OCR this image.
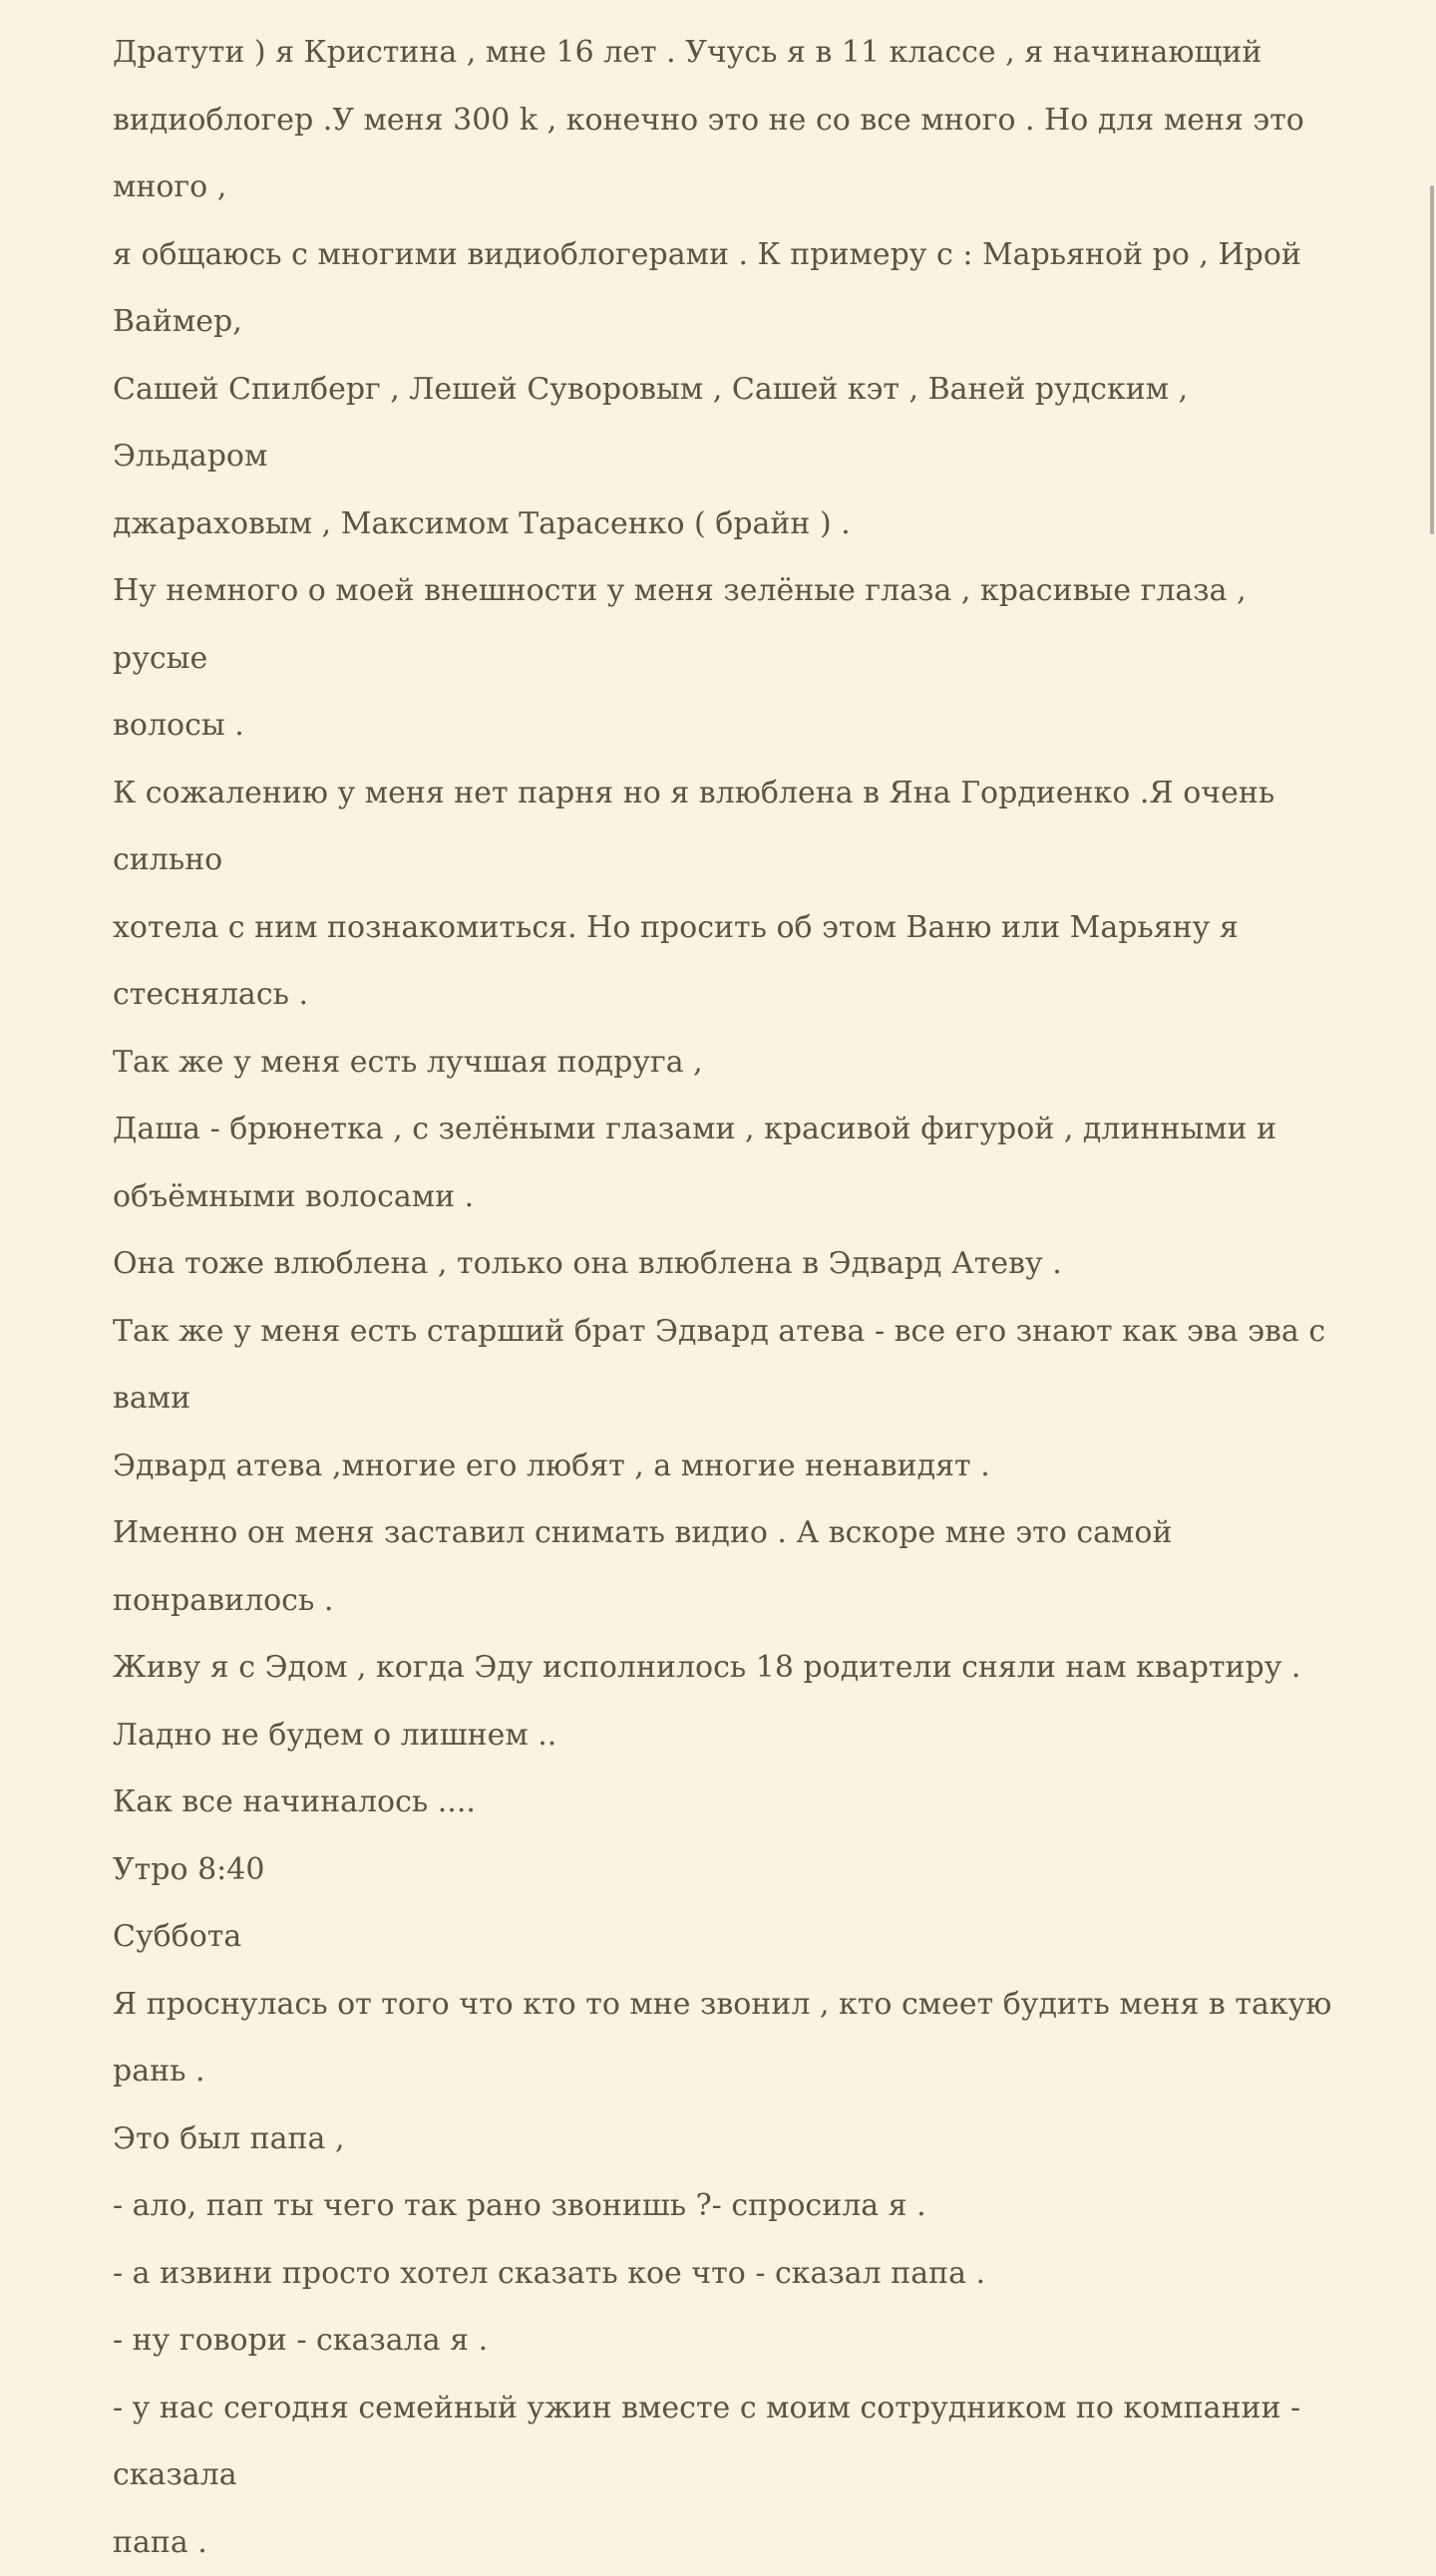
Дратути ) я Кристина , мне 16 лет . Учусь я в 11 классе , я начинающий

видиоблогер .У меня 300 k , конечно это не со все много . Но для меня это много ,

я общаюсь с многими видиоблогерами . К примеру с : Марьяной ро , Ирой Ваймер,

Сашей Спилберг , Лешей Суворовым , Сашей кэт , Ваней рудским , Эльдаром

джараховым , Максимом Тарасенко ( брайн ) .

Ну немного о моей внешности у меня зелёные глаза , красивые глаза , русые

волосы .

К сожалению у меня нет парня но я влюблена в Яна Гордиенко .Я очень сильно

хотела с ним познакомиться. Но просить об этом Ваню или Марьяну я стеснялась .

Так же у меня есть лучшая подруга ,

Даша - брюнетка , с зелёными глазами , красивой фигурой , длинными и

объёмными волосами .

Она тоже влюблена , только она влюблена в Эдвард Атеву .

Так же у меня есть старший брат Эдвард атева - все его знают как эва эва с вами

Эдвард атева ,многие его любят , а многие ненавидят .

Именно он меня заставил снимать видио . А вскоре мне это самой понравилось .

Живу я с Эдом , когда Эду исполнилось 18 родители сняли нам квартиру .

Ладно не будем о лишнем ..

Как все начиналось ....

Утро 8:40

Суббота

Я проснулась от того что кто то мне звонил , кто смеет будить меня в такую рань .

Это был папа ,

- ало, пап ты чего так рано звонишь ?- спросила я .

- а извини просто хотел сказать кое что - сказал папа .

- ну говори - сказала я .

- у нас сегодня семейный ужин вместе с моим сотрудником по компании - сказала

папа .
